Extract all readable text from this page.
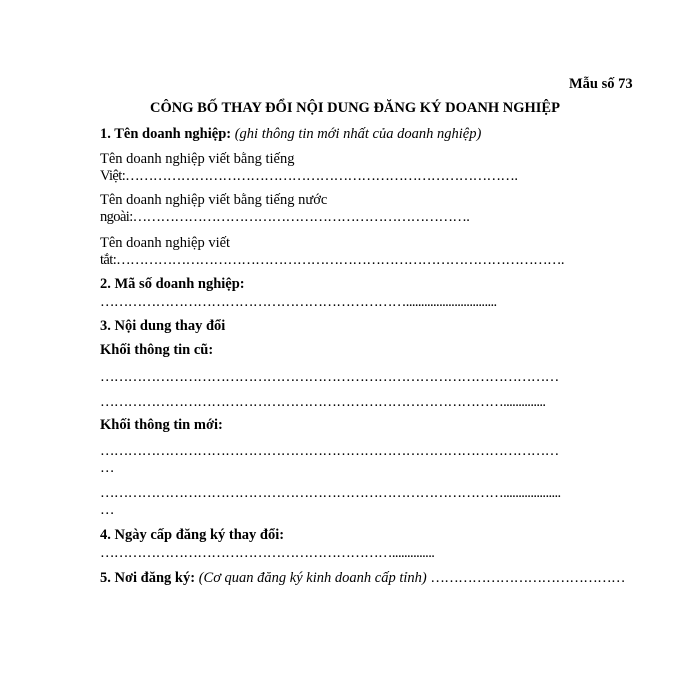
Mẫu số 73
CÔNG BỐ THAY ĐỔI NỘI DUNG ĐĂNG KÝ DOANH NGHIỆP
1. Tên doanh nghiệp: (ghi thông tin mới nhất của doanh nghiệp)
Tên doanh nghiệp viết bằng tiếng
Việt:………………………………………………………………………….
Tên doanh nghiệp viết bằng tiếng nước
ngoài:……………………………………………………………….
Tên doanh nghiệp viết
tắt:…………………………………………………………………………………….
2. Mã số doanh nghiệp:
…………………………………………………………..............................
3. Nội dung thay đổi
Khối thông tin cũ:
………………………………………………………………………………………
……………………………………………………………………………..............
Khối thông tin mới:
………………………………………………………………………………………
…
……………………………………………………………………………...................
…
4. Ngày cấp đăng ký thay đổi:
………………………………………………………..............
5. Nơi đăng ký: (Cơ quan đăng ký kinh doanh cấp tỉnh) ……………………………………
